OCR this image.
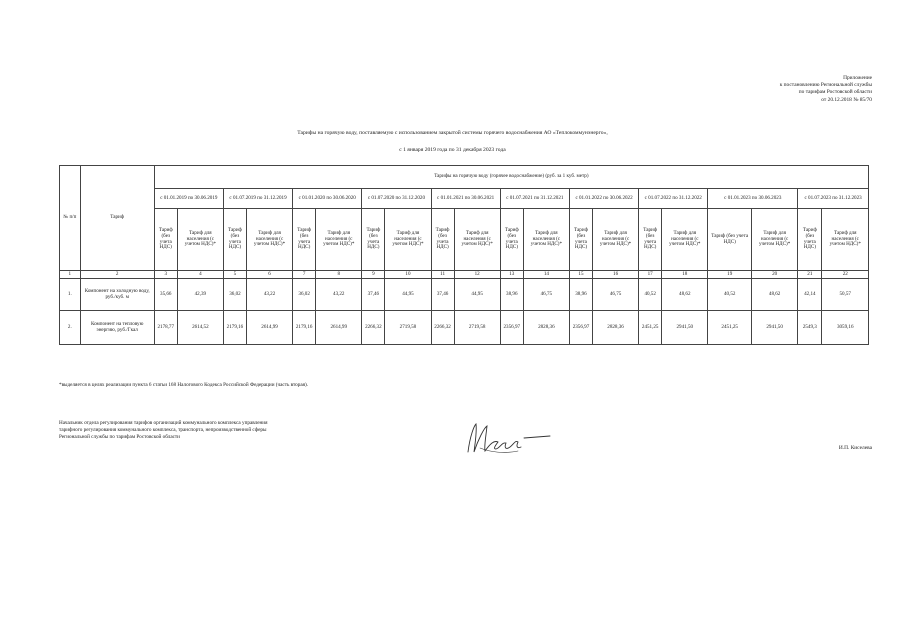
Приложение
к постановлению Региональной службы
по тарифам Ростовской области
от 20.12.2018 № 85/70
Тарифы на горячую воду, поставляемую с использованием закрытой системы горячего водоснабжения АО «Теплокоммунэнерго»,
с 1 января 2019 года по 31 декабря 2023 года
№ п/п	Тариф	Тарифы на горячую воду (горячее водоснабжение) (руб. за 1 куб. метр)																			
		с 01.01.2019 по 30.06.2019		с 01.07.2019 по 31.12.2019		с 01.01.2020 по 30.06.2020		с 01.07.2020 по 31.12.2020		с 01.01.2021 по 30.06.2021		с 01.07.2021 по 31.12.2021		с 01.01.2022 по 30.06.2022		с 01.07.2022 по 31.12.2022		с 01.01.2023 по 30.06.2023		с 01.07.2023 по 31.12.2023	
		Тариф (без учета НДС)	Тариф для населения (с учетом НДС)*	Тариф (без учета НДС)	Тариф для населения (с учетом НДС)*	Тариф (без учета НДС)	Тариф для населения (с учетом НДС)*	Тариф (без учета НДС)	Тариф для населения (с учетом НДС)*	Тариф (без учета НДС)	Тариф для населения (с учетом НДС)*	Тариф (без учета НДС)	Тариф для населения (с учетом НДС)*	Тариф (без учета НДС)	Тариф для населения (с учетом НДС)*	Тариф (без учета НДС)	Тариф для населения (с учетом НДС)*	Тариф (без учета НДС)	Тариф для населения (с учетом НДС)*	Тариф (без учета НДС)	Тариф для населения (с учетом НДС)*
1	2	3	4	5	6	7	8	9	10	11	12	13	14	15	16	17	18	19	20	21	22
1.	Компонент на холодную воду, руб./куб. м	35,66	42,39	36,02	43,22	36,02	43,22	37,46	44,95	37,46	44,95	38,96	46,75	38,96	46,75	40,52	48,62	40,52	48,62	42,14	50,57
2.	Компонент на тепловую энергию, руб./Гкал	2178,77	2614,52	2179,16	2614,99	2179,16	2614,99	2266,32	2719,58	2266,32	2719,58	2356,97	2828,36	2356,97	2828,36	2451,25	2941,50	2451,25	2941,50	2549,3	3059,16
*выделяется в целях реализации пункта 6 статьи 168 Налогового Кодекса Российской Федерации (часть вторая).
Начальник отдела регулирования тарифов организаций коммунального комплекса управления тарифного регулирования коммунального комплекса, транспорта, непроизводственной сферы Региональной службы по тарифам Ростовской области
И.П. Киселева
